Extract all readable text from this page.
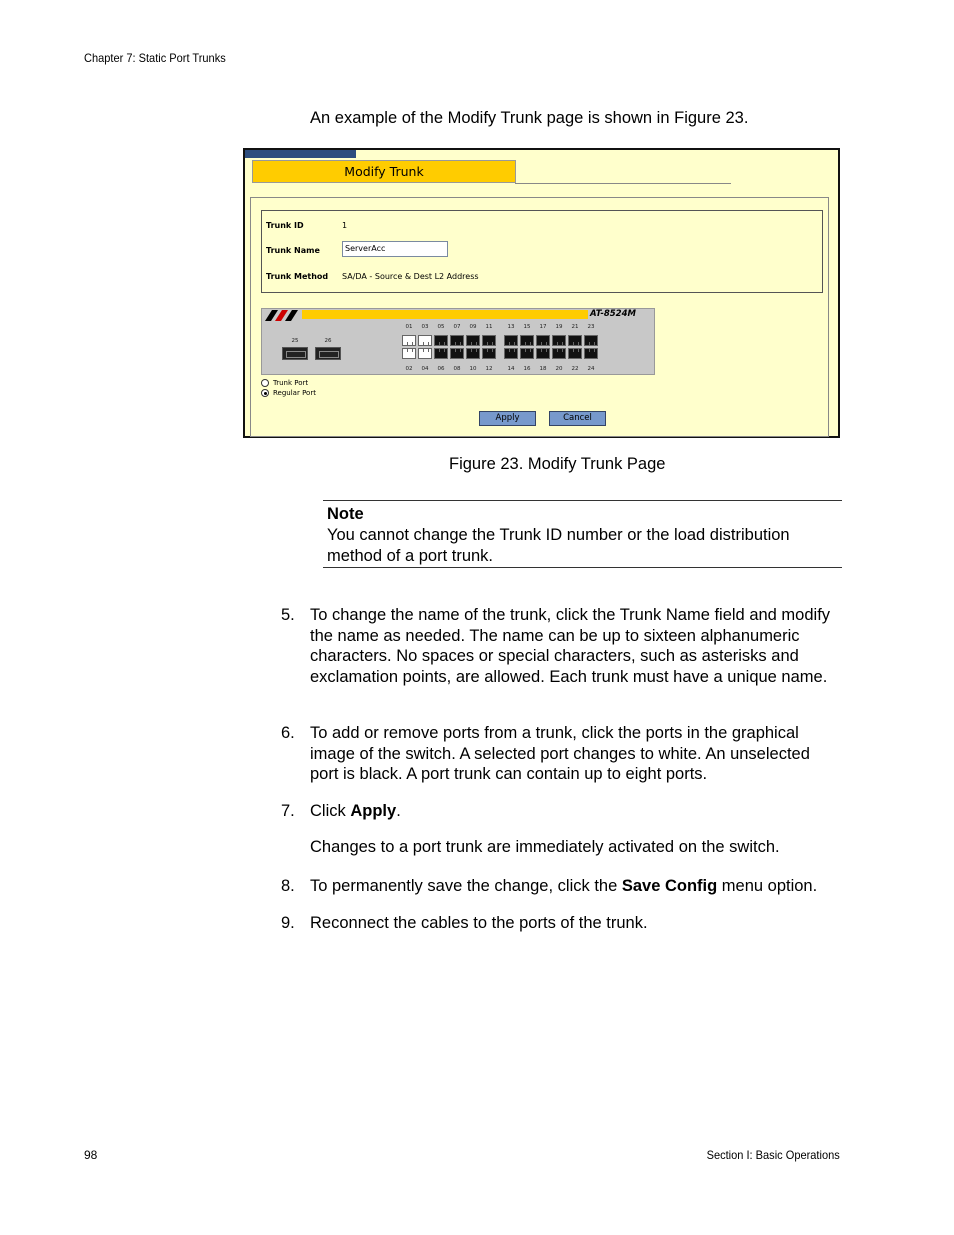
Chapter 7: Static Port Trunks
An example of the Modify Trunk page is shown in Figure 23.
Modify Trunk
Trunk ID	1
Trunk Name	ServerAcc
Trunk Method SA/DA - Source & Dest L2 Address
AT-8524M
25	26
01	03	05	07	09	11	13	15	17	19	21	23
02	04	06	08	10	12	14	16	18	20	22	24
Trunk Port
Regular Port
Apply	Cancel
Figure 23. Modify Trunk Page
Note
You cannot change the Trunk ID number or the load distribution method of a port trunk.
5. To change the name of the trunk, click the Trunk Name field and modify the name as needed. The name can be up to sixteen alphanumeric characters. No spaces or special characters, such as asterisks and exclamation points, are allowed. Each trunk must have a unique name.
6. To add or remove ports from a trunk, click the ports in the graphical image of the switch. A selected port changes to white. An unselected port is black. A port trunk can contain up to eight ports.
7. Click Apply.
Changes to a port trunk are immediately activated on the switch.
8. To permanently save the change, click the Save Config menu option.
9. Reconnect the cables to the ports of the trunk.
98	Section I: Basic Operations
